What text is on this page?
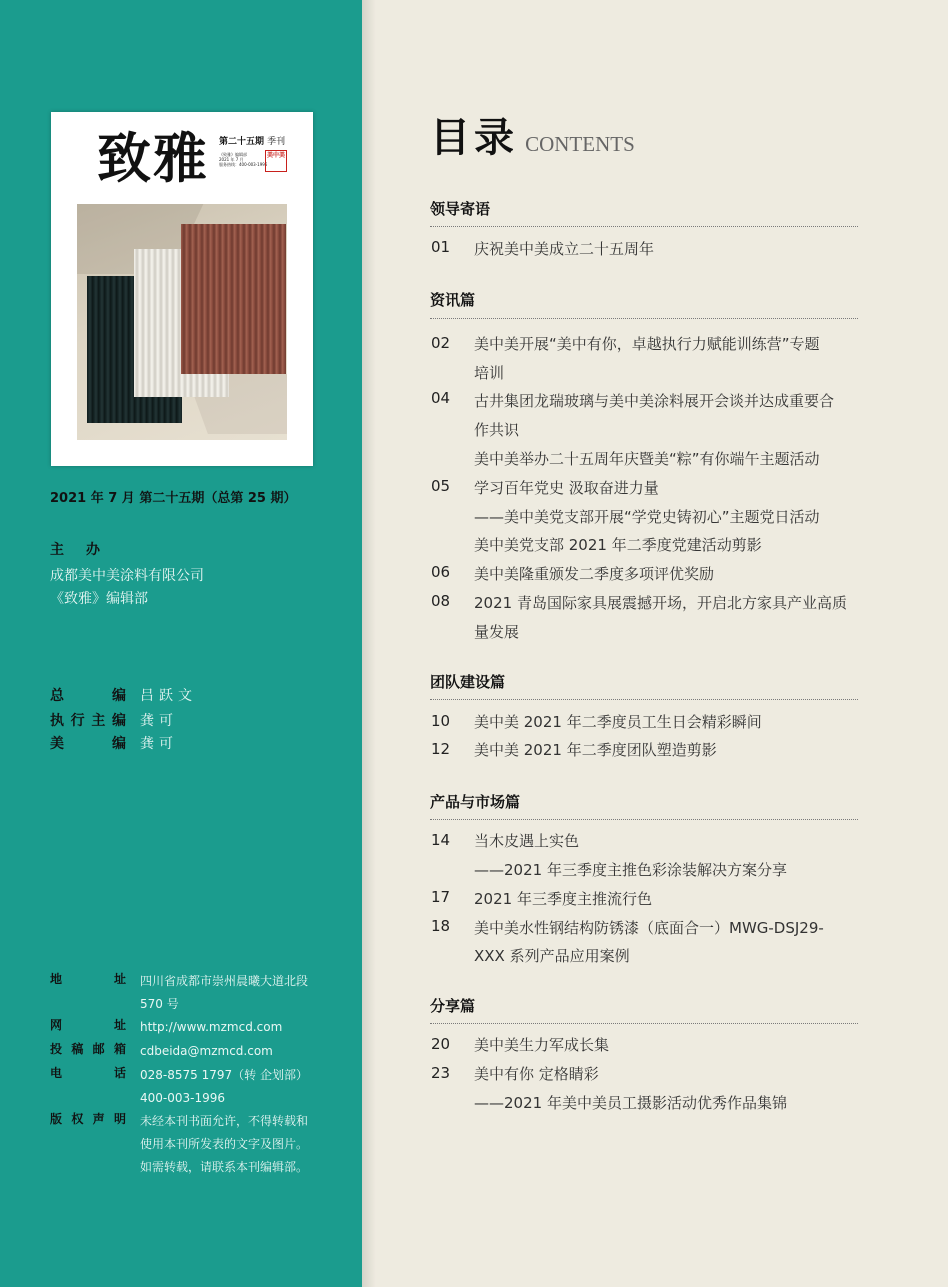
致雅 第二十五期 季刊
《致雅》编辑部
2021 年 7 月
服务热线：400-003-1996
美中美
2021 年 7 月 第二十五期（总第 25 期）
主办
成都美中美涂料有限公司
《致雅》编辑部
总编 吕跃文
执行主编 龚可
美编 龚可
地址 四川省成都市崇州晨曦大道北段
570 号
网址 http://www.mzmcd.com
投稿邮箱 cdbeida@mzmcd.com
电话 028-8575 1797（转 企划部）
400-003-1996
版权声明 未经本刊书面允许，不得转载和
使用本刊所发表的文字及图片。
如需转载，请联系本刊编辑部。
目录 CONTENTS
领导寄语
01 庆祝美中美成立二十五周年
资讯篇
02 美中美开展“美中有你，卓越执行力赋能训练营”专题
培训
04 古井集团龙瑞玻璃与美中美涂料展开会谈并达成重要合
作共识
美中美举办二十五周年庆暨美“粽”有你端午主题活动
05 学习百年党史 汲取奋进力量
——美中美党支部开展“学党史铸初心”主题党日活动
美中美党支部 2021 年二季度党建活动剪影
06 美中美隆重颁发二季度多项评优奖励
08 2021 青岛国际家具展震撼开场，开启北方家具产业高质
量发展
团队建设篇
10 美中美 2021 年二季度员工生日会精彩瞬间
12 美中美 2021 年二季度团队塑造剪影
产品与市场篇
14 当木皮遇上实色
——2021 年三季度主推色彩涂装解决方案分享
17 2021 年三季度主推流行色
18 美中美水性钢结构防锈漆（底面合一）MWG-DSJ29-
XXX 系列产品应用案例
分享篇
20 美中美生力军成长集
23 美中有你 定格睛彩
——2021 年美中美员工摄影活动优秀作品集锦
